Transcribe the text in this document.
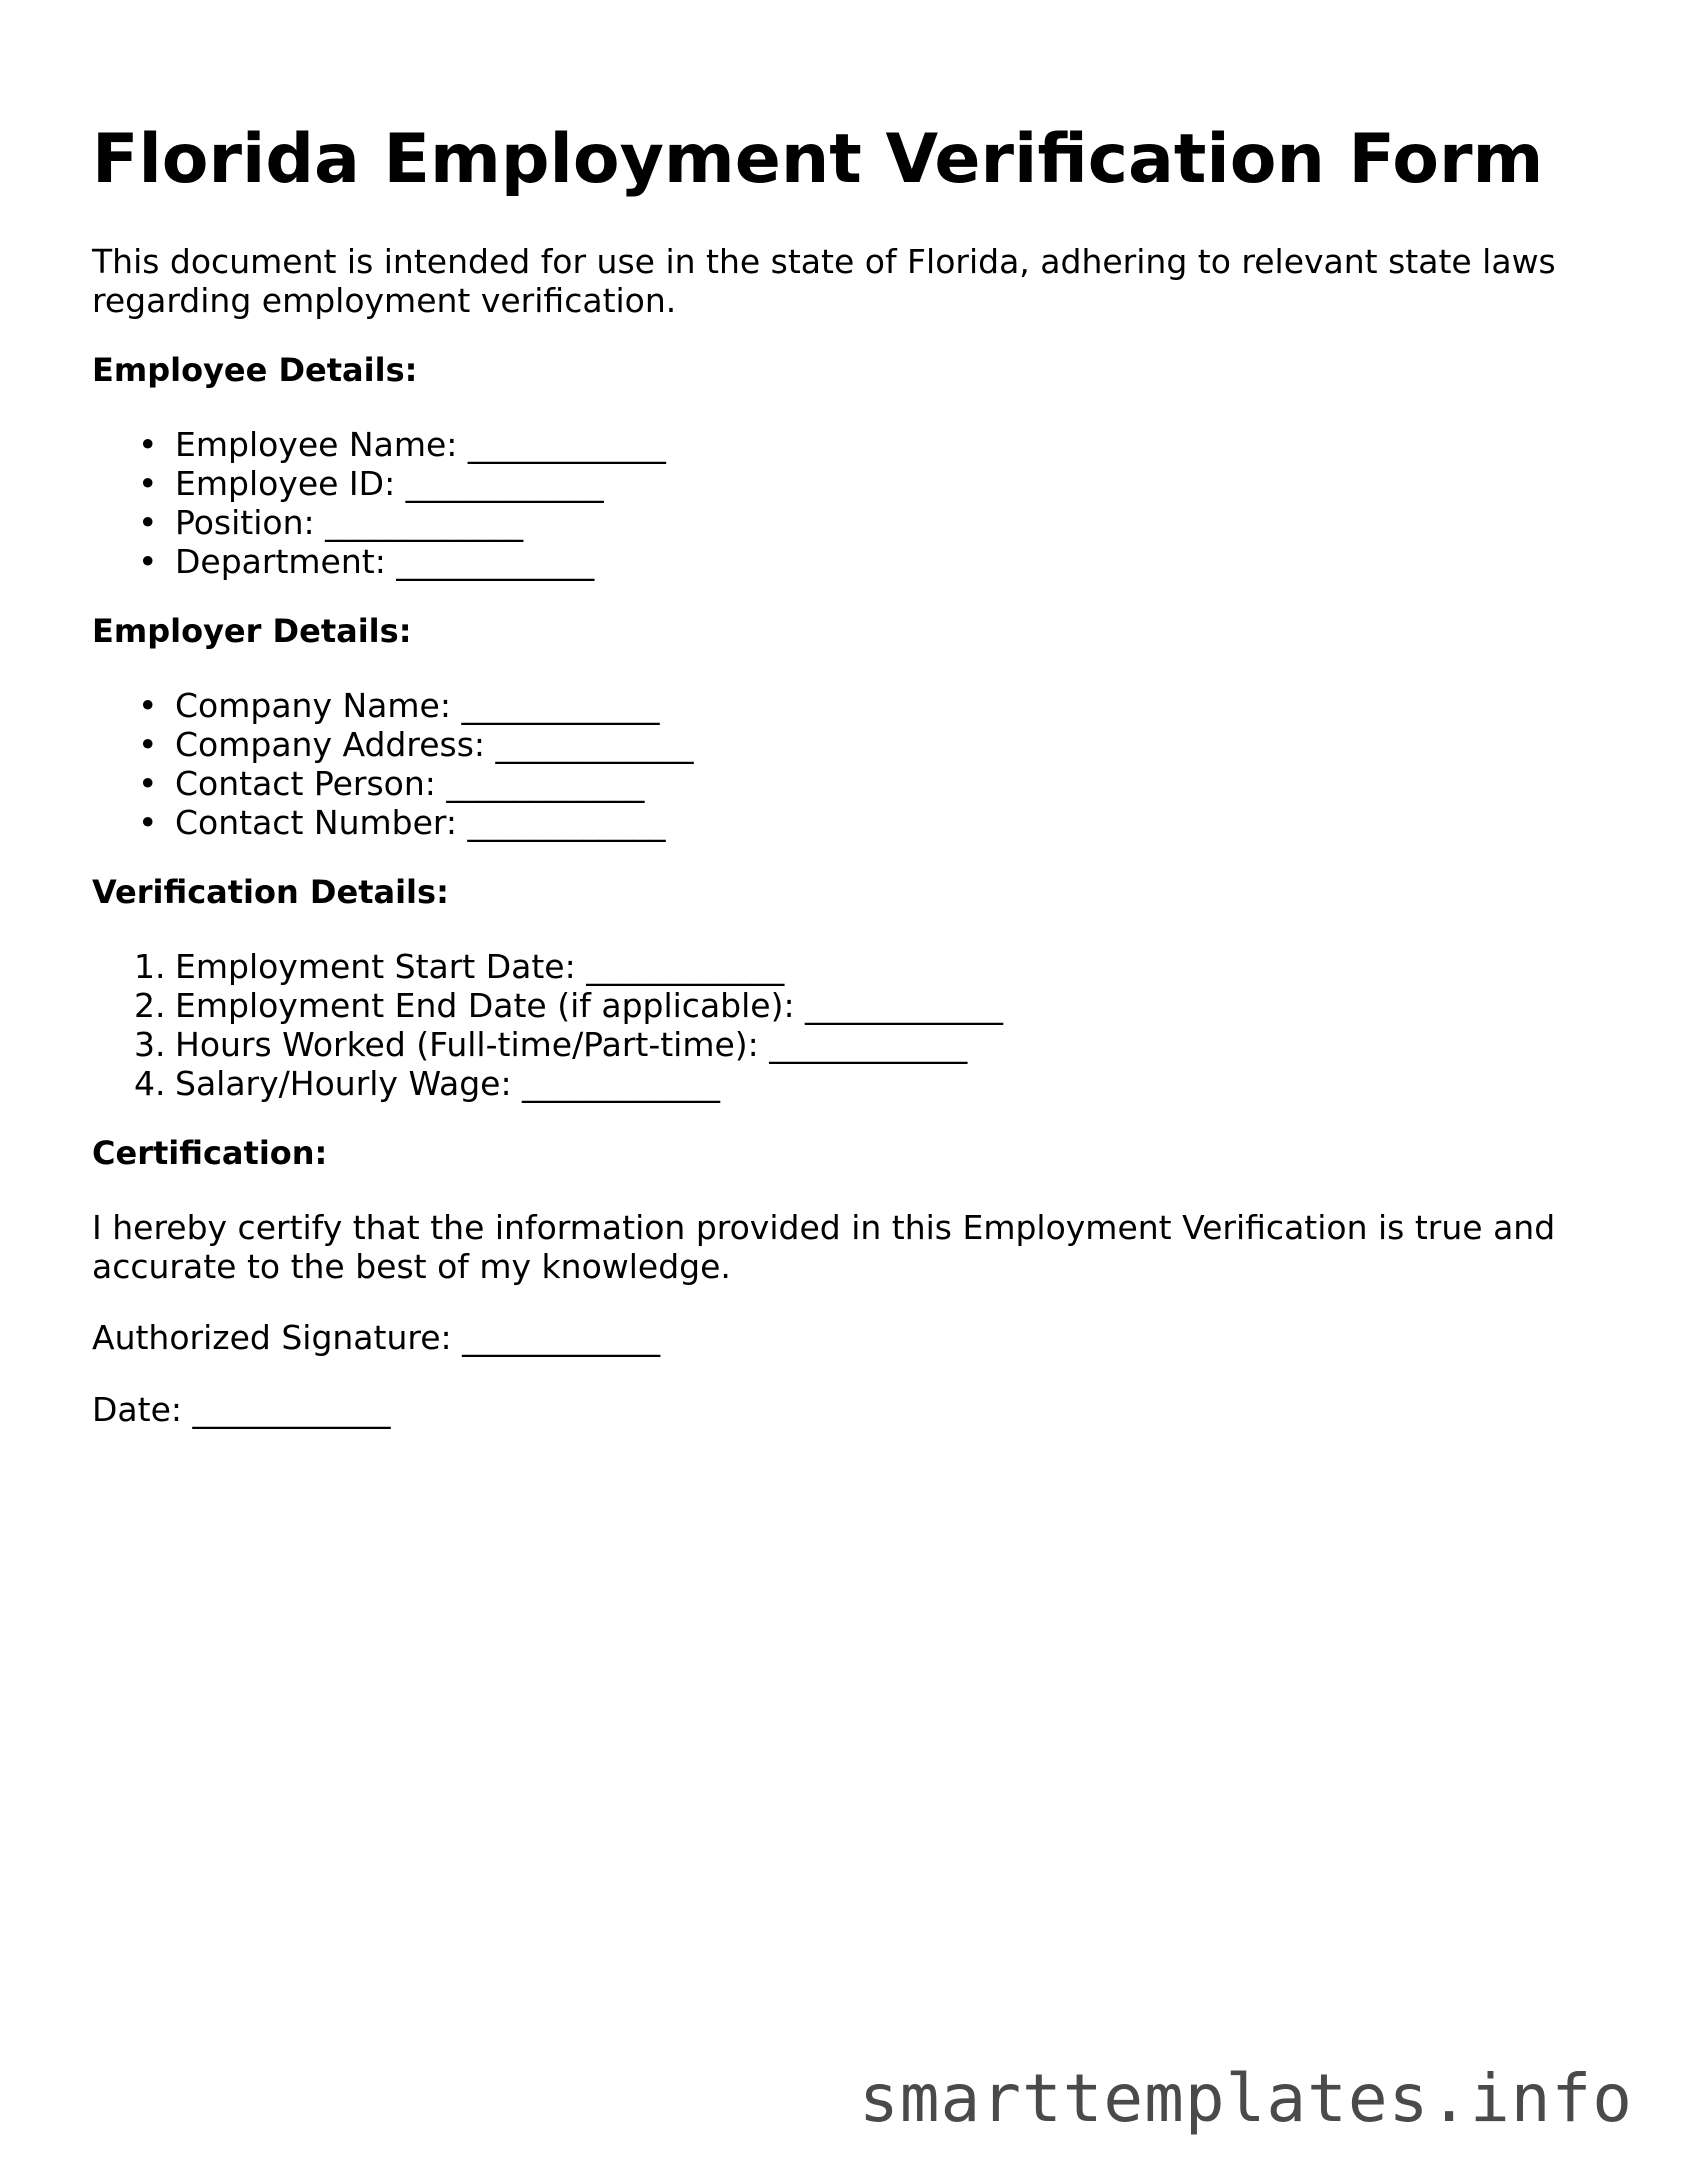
Florida Employment Verification Form

This document is intended for use in the state of Florida, adhering to relevant state laws

regarding employment verification.

Employee Details:

• Employee Name: ____________
• Employee ID: ____________
• Position: ____________
• Department: ____________

Employer Details:

• Company Name: ____________
• Company Address: ____________
• Contact Person: ____________
• Contact Number: ____________

Verification Details:

1. Employment Start Date: ____________
2. Employment End Date (if applicable): ____________
3. Hours Worked (Full-time/Part-time): ____________
4. Salary/Hourly Wage: ____________

Certification:

I hereby certify that the information provided in this Employment Verification is true and

accurate to the best of my knowledge.

Authorized Signature: ____________

Date: ____________

smarttemplates.info
